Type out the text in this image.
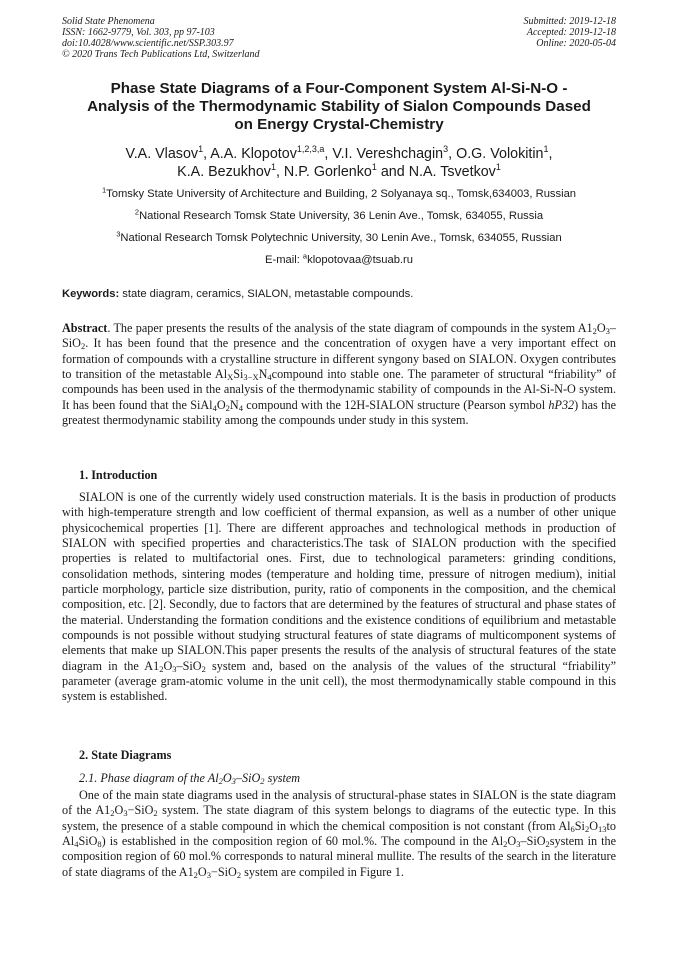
Solid State Phenomena
ISSN: 1662-9779, Vol. 303, pp 97-103
doi:10.4028/www.scientific.net/SSP.303.97
© 2020 Trans Tech Publications Ltd, Switzerland
Submitted: 2019-12-18
Accepted: 2019-12-18
Online: 2020-05-04
Phase State Diagrams of a Four-Component System Al-Si-N-O -
Analysis of the Thermodynamic Stability of Sialon Compounds Dased
on Energy Crystal-Chemistry
V.A. Vlasov$^1$, A.A. Klopotov$^{1,2,3,a}$, V.I. Vereshchagin$^3$, O.G. Volokitin$^1$,
K.A. Bezukhov$^1$, N.P. Gorlenko$^1$ and N.A. Tsvetkov$^1$
$^1$Tomsky State University of Architecture and Building, 2 Solyanaya sq., Tomsk,634003, Russian
$^2$National Research Tomsk State University, 36 Lenin Ave., Tomsk, 634055, Russia
$^3$National Research Tomsk Polytechnic University, 30 Lenin Ave., Tomsk, 634055, Russian
E-mail: $^a$klopotovaa@tsuab.ru
Keywords: state diagram, ceramics, SIALON, metastable compounds.

Abstract. The paper presents the results of the analysis of the state diagram of compounds in the system $A1_2O_3-SiO_2$. It has been found that the presence and the concentration of oxygen have a very important effect on formation of compounds with a crystalline structure in different syngony based on SIALON. Oxygen contributes to transition of the metastable $Al_XSi_{3-X}N_4compound$ into stable one. The parameter of structural “friability” of compounds has been used in the analysis of the thermodynamic stability of compounds in the Al-Si-N-O system. It has been found that the $SiAl_4O_2N_4$ compound with the 12H-SIALON structure (Pearson symbol hP32) has the greatest thermodynamic stability among the compounds under study in this system.

1. Introduction

SIALON is one of the currently widely used construction materials. It is the basis in production of products with high-temperature strength and low coefficient of thermal expansion, as well as a number of other unique physicochemical properties [1]. There are different approaches and technological methods in production of SIALON with specified properties and characteristics.The task of SIALON production with the specified properties is related to multifactorial ones. First, due to technological parameters: grinding conditions, consolidation methods, sintering modes (temperature and holding time, pressure of nitrogen medium), initial particle morphology, particle size distribution, purity, ratio of components in the composition, and the chemical composition, etc. [2]. Secondly, due to factors that are determined by the features of structural and phase states of the material. Understanding the formation conditions and the existence conditions of equilibrium and metastable compounds is not possible without studying structural features of state diagrams of multicomponent systems of elements that make up SIALON.This paper presents the results of the analysis of structural features of the state diagram in the $A1_2O_3-SiO_2$ system and, based on the analysis of the values of the structural “friability” parameter (average gram-atomic volume in the unit cell), the most thermodynamically stable compound in this system is established.

2. State Diagrams
2.1. Phase diagram of the $Al_2O_3-SiO_2$ system

One of the main state diagrams used in the analysis of structural-phase states in SIALON is the state diagram of the $A1_2O_3-SiO_2$ system. The state diagram of this system belongs to diagrams of the eutectic type. In this system, the presence of a stable compound in which the chemical composition is not constant (from $Al_6Si_2O_{13}to$ $Al_4SiO_8$) is established in the composition region of 60 mol.%. The compound in the $Al_2O_3-SiO_2system$ in the composition region of 60 mol.% corresponds to natural mineral mullite. The results of the search in the literature of state diagrams of the $A1_2O_3-SiO_2$ system are compiled in Figure 1.
